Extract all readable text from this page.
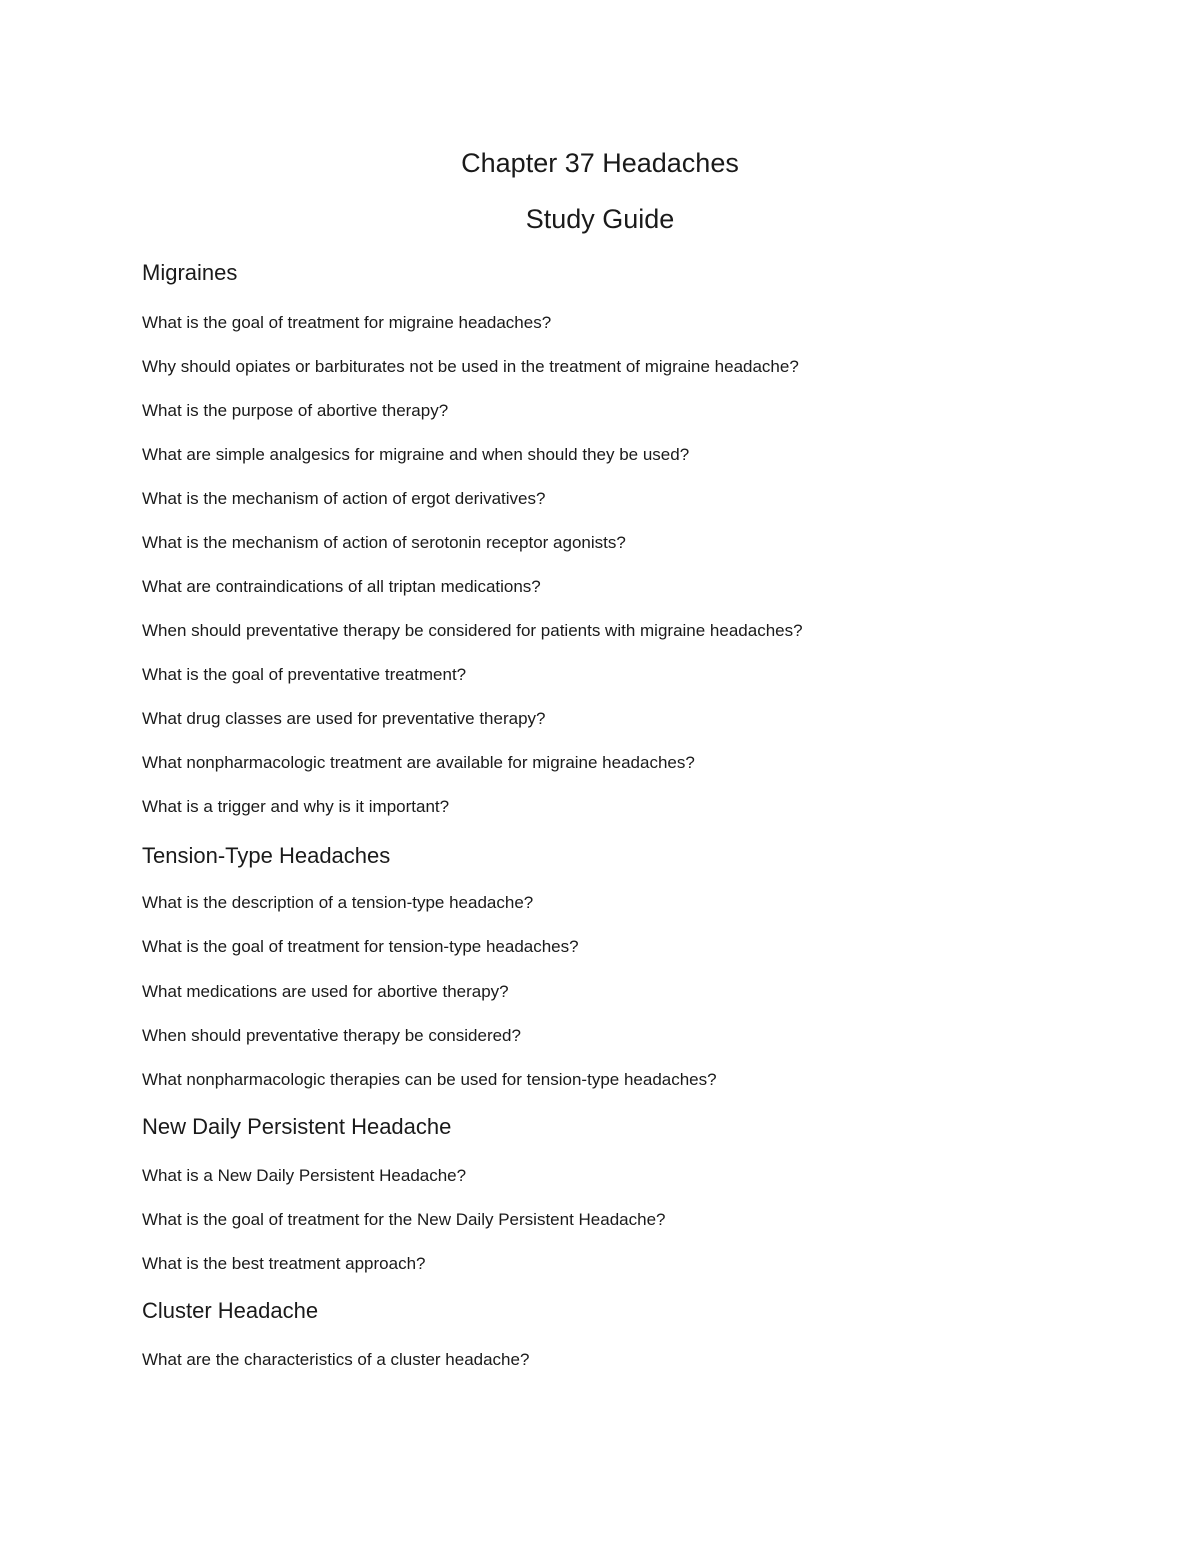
Chapter 37 Headaches
Study Guide
Migraines

What is the goal of treatment for migraine headaches?

Why should opiates or barbiturates not be used in the treatment of migraine headache?

What is the purpose of abortive therapy?

What are simple analgesics for migraine and when should they be used?

What is the mechanism of action of ergot derivatives?

What is the mechanism of action of serotonin receptor agonists?

What are contraindications of all triptan medications?

When should preventative therapy be considered for patients with migraine headaches?

What is the goal of preventative treatment?

What drug classes are used for preventative therapy?

What nonpharmacologic treatment are available for migraine headaches?

What is a trigger and why is it important?

Tension-Type Headaches

What is the description of a tension-type headache?

What is the goal of treatment for tension-type headaches?

What medications are used for abortive therapy?

When should preventative therapy be considered?

What nonpharmacologic therapies can be used for tension-type headaches?

New Daily Persistent Headache

What is a New Daily Persistent Headache?

What is the goal of treatment for the New Daily Persistent Headache?

What is the best treatment approach?

Cluster Headache

What are the characteristics of a cluster headache?
